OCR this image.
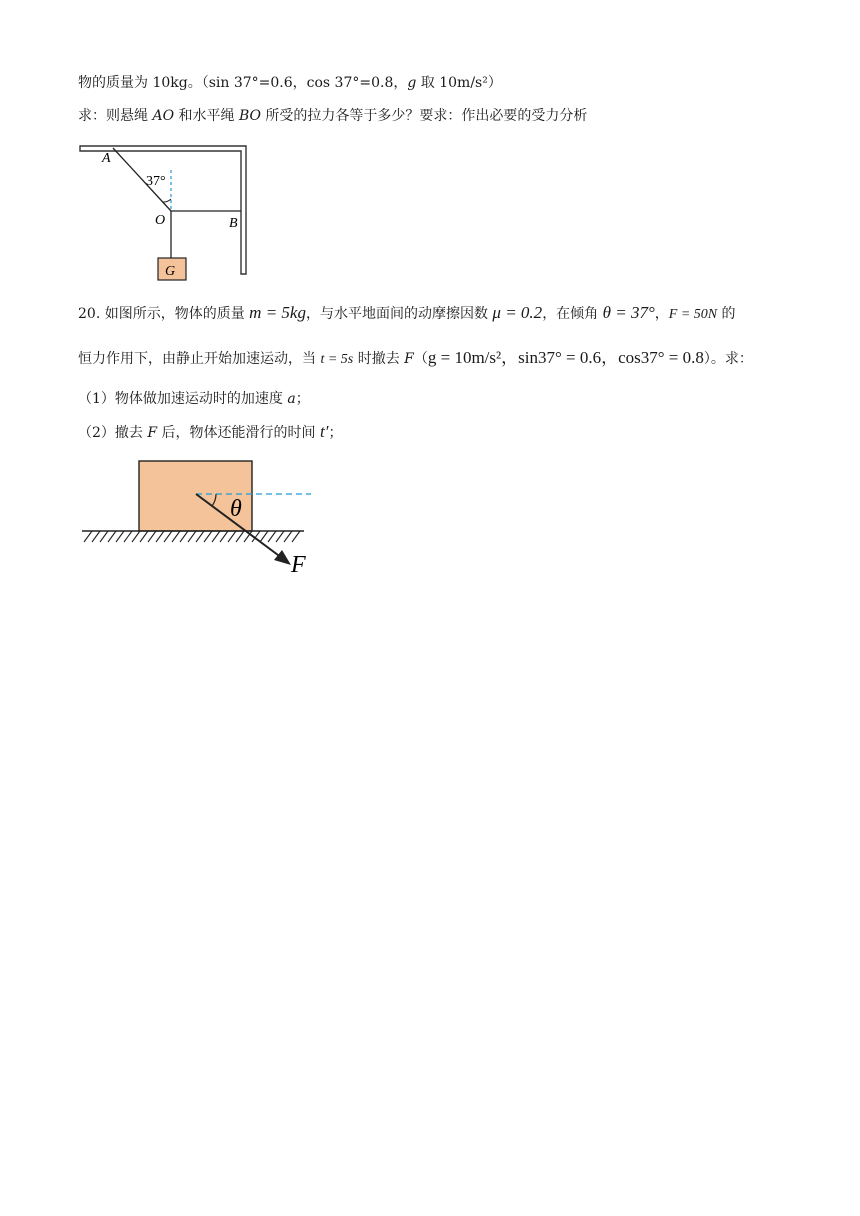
物的质量为 10kg。（sin 37°=0.6，cos 37°=0.8，g 取 10m/s²）
求：则悬绳 AO 和水平绳 BO 所受的拉力各等于多少？要求：作出必要的受力分析
G
A
37°
O	B
20. 如图所示，物体的质量 m = 5kg，与水平地面间的动摩擦因数 μ = 0.2，在倾角 θ = 37°，F = 50N 的
恒力作用下，由静止开始加速运动，当 t = 5s 时撤去 F（g = 10m/s²，sin37° = 0.6，cos37° = 0.8）。求：
（1）物体做加速运动时的加速度 a；
（2）撤去 F 后，物体还能滑行的时间 t′；
θ
F
